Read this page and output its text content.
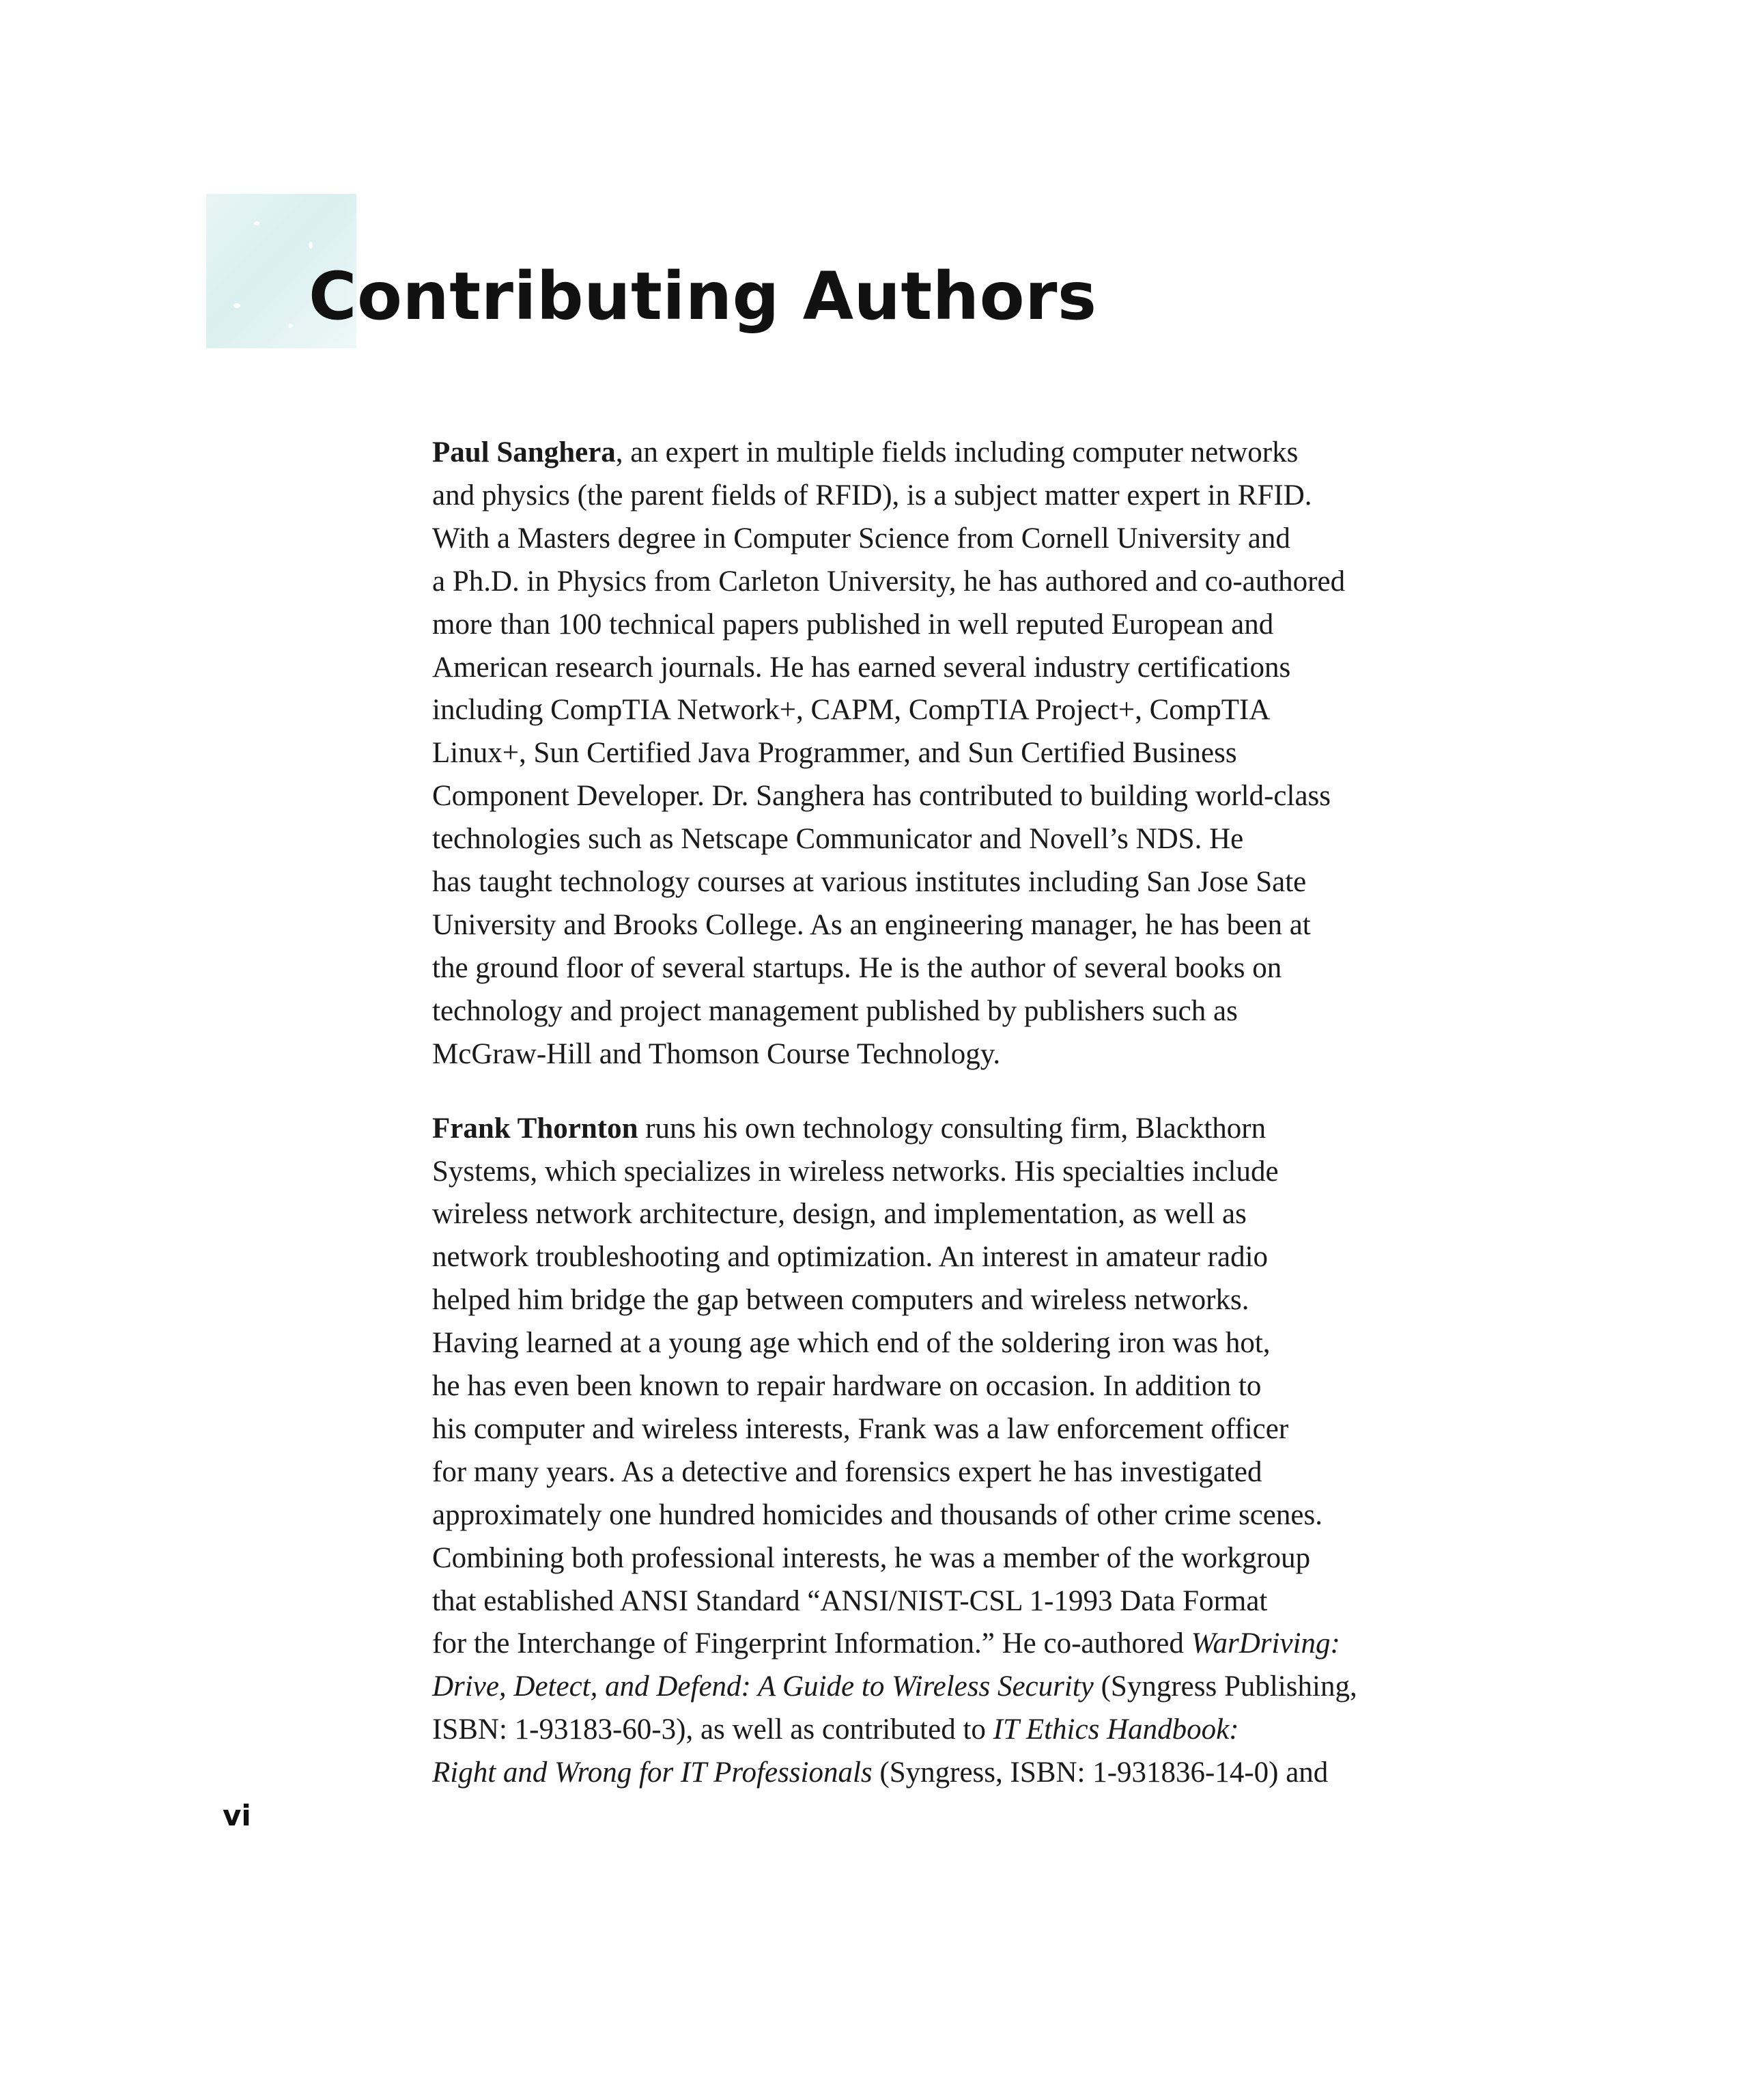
Contributing Authors
Paul Sanghera, an expert in multiple fields including computer networks
and physics (the parent fields of RFID), is a subject matter expert in RFID.
With a Masters degree in Computer Science from Cornell University and
a Ph.D. in Physics from Carleton University, he has authored and co-authored
more than 100 technical papers published in well reputed European and
American research journals. He has earned several industry certifications
including CompTIA Network+, CAPM, CompTIA Project+, CompTIA
Linux+, Sun Certified Java Programmer, and Sun Certified Business
Component Developer. Dr. Sanghera has contributed to building world-class
technologies such as Netscape Communicator and Novell’s NDS. He
has taught technology courses at various institutes including San Jose Sate
University and Brooks College. As an engineering manager, he has been at
the ground floor of several startups. He is the author of several books on
technology and project management published by publishers such as
McGraw-Hill and Thomson Course Technology.
Frank Thornton runs his own technology consulting firm, Blackthorn
Systems, which specializes in wireless networks. His specialties include
wireless network architecture, design, and implementation, as well as
network troubleshooting and optimization. An interest in amateur radio
helped him bridge the gap between computers and wireless networks.
Having learned at a young age which end of the soldering iron was hot,
he has even been known to repair hardware on occasion. In addition to
his computer and wireless interests, Frank was a law enforcement officer
for many years. As a detective and forensics expert he has investigated
approximately one hundred homicides and thousands of other crime scenes.
Combining both professional interests, he was a member of the workgroup
that established ANSI Standard “ANSI/NIST-CSL 1-1993 Data Format
for the Interchange of Fingerprint Information.” He co-authored WarDriving:
Drive, Detect, and Defend: A Guide to Wireless Security (Syngress Publishing,
ISBN: 1-93183-60-3), as well as contributed to IT Ethics Handbook:
Right and Wrong for IT Professionals (Syngress, ISBN: 1-931836-14-0) and
vi
